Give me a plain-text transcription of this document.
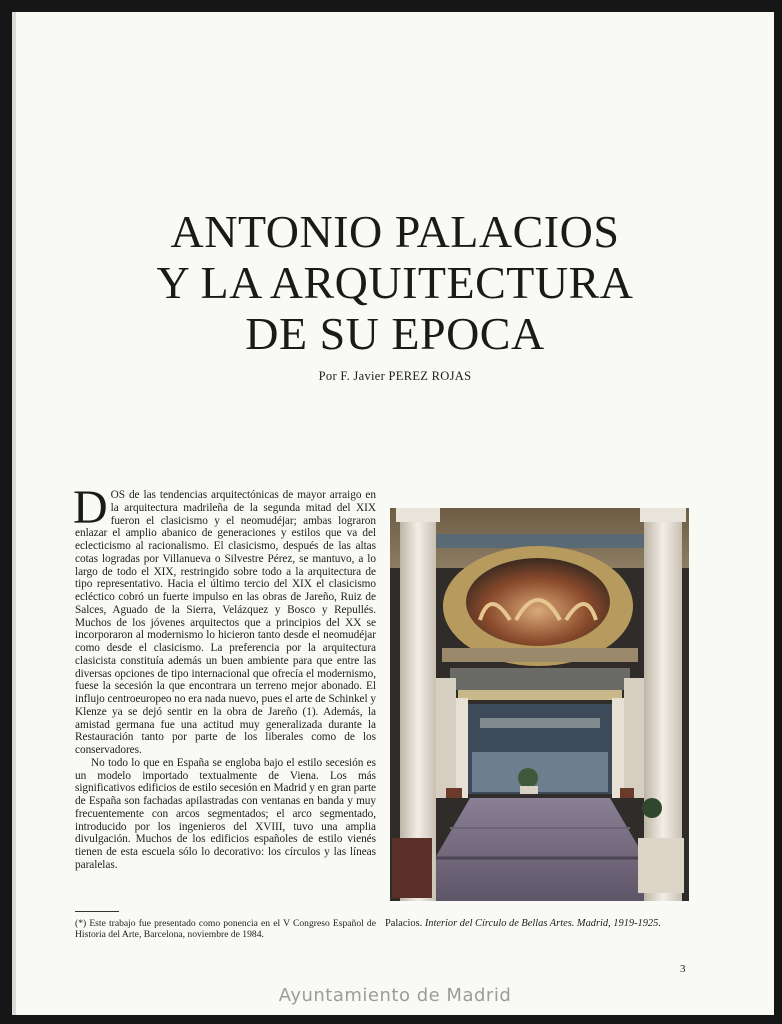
ANTONIO PALACIOS
Y LA ARQUITECTURA
DE SU EPOCA
Por F. Javier PEREZ ROJAS

DOS de las tendencias arquitectónicas de mayor arraigo en la arquitectura madrileña de la segunda mitad del XIX fueron el clasicismo y el neomudéjar; ambas lograron enlazar el amplio abanico de generaciones y estilos que va del eclecticismo al racionalismo. El clasicismo, después de las altas cotas logradas por Villanueva o Silvestre Pérez, se mantuvo, a lo largo de todo el XIX, restringido sobre todo a la arquitectura de tipo representativo. Hacia el último tercio del XIX el clasicismo ecléctico cobró un fuerte impulso en las obras de Jareño, Ruiz de Salces, Aguado de la Sierra, Velázquez y Bosco y Repullés. Muchos de los jóvenes arquitectos que a principios del XX se incorporaron al modernismo lo hicieron tanto desde el neomudéjar como desde el clasicismo. La preferencia por la arquitectura clasicista constituía además un buen ambiente para que entre las diversas opciones de tipo internacional que ofrecía el modernismo, fuese la secesión la que encontrara un terreno mejor abonado. El influjo centroeuropeo no era nada nuevo, pues el arte de Schinkel y Klenze ya se dejó sentir en la obra de Jareño (1). Además, la amistad germana fue una actitud muy generalizada durante la Restauración tanto por parte de los liberales como de los conservadores.

No todo lo que en España se engloba bajo el estilo secesión es un modelo importado textualmente de Viena. Los más significativos edificios de estilo secesión en Madrid y en gran parte de España son fachadas apilastradas con ventanas en banda y muy frecuentemente con arcos segmentados; el arco segmentado, introducido por los ingenieros del XVIII, tuvo una amplia divulgación. Muchos de los edificios españoles de estilo vienés tienen de esta escuela sólo lo decorativo: los círculos y las líneas paralelas.

(*) Este trabajo fue presentado como ponencia en el V Congreso Español de Historia del Arte, Barcelona, noviembre de 1984.
Palacios. Interior del Círculo de Bellas Artes. Madrid, 1919-1925.
3
Ayuntamiento de Madrid
